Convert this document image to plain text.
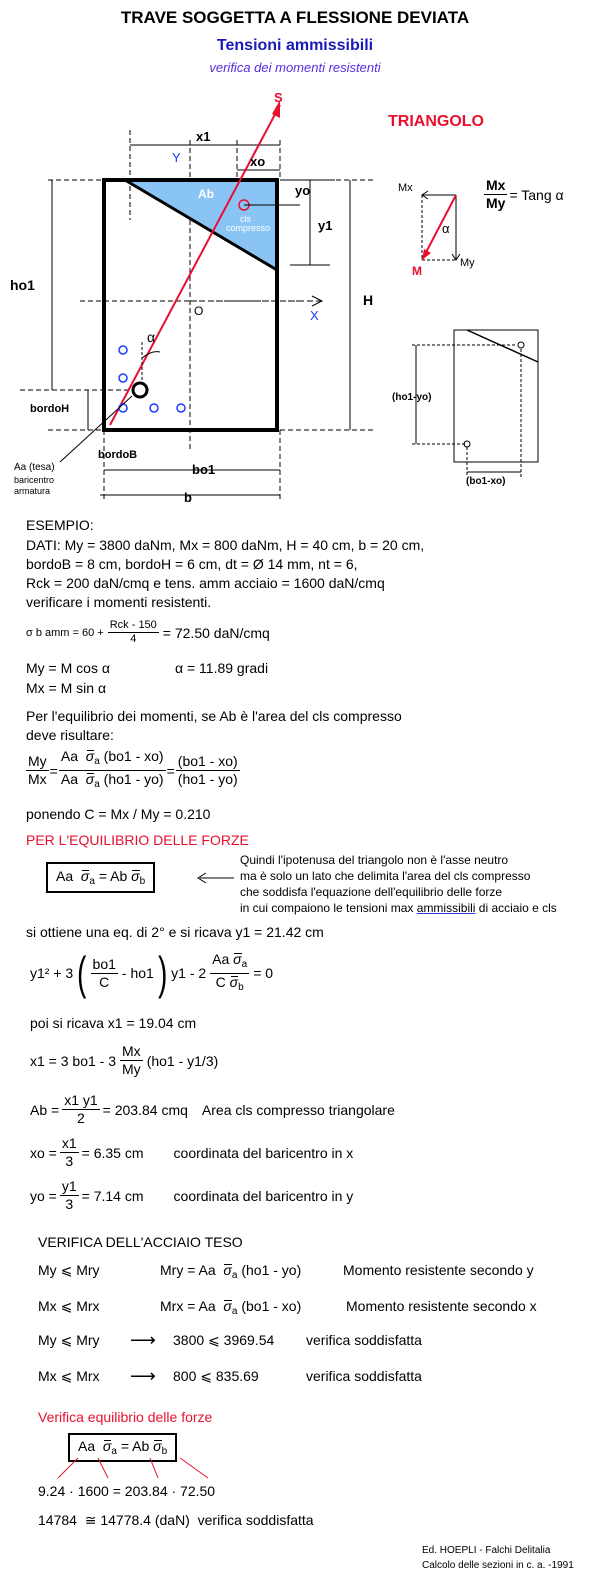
TRAVE SOGGETTA A FLESSIONE DEVIATA
Tensioni ammissibili
verifica dei momenti resistenti
S
Y
X
O
x1
xo
yo
y1
ho1
H
Ab
cls
compresso
α
bordoH
bordoB
bo1
b
Aa (tesa)
baricentro
armatura
TRIANGOLO
Mx
My
M
α
$\frac{Mx}{My}$ = Tang α
(ho1-yo)
(bo1-xo)
ESEMPIO:
DATI: My = 3800 daNm, Mx = 800 daNm, H = 40 cm, b = 20 cm,
bordoB = 8 cm, bordoH = 6 cm, dt = Ø 14 mm, nt = 6,
Rck = 200 daN/cmq e tens. amm acciaio = 1600 daN/cmq
verificare i momenti resistenti.
σ b amm = $60 + \frac{\text{Rck - 150}}{4} = 72.50$ daN/cmq
My = M cos α
Mx = M sin α
α = 11.89 gradi
Per l'equilibrio dei momenti, se Ab è l'area del cls compresso
deve risultare:
$\frac{My}{Mx} = \frac{Aa \sigma_a (bo1 - xo)}{Aa \sigma_a (ho1 - yo)} = \frac{(bo1 - xo)}{(ho1 - yo)}$
ponendo C = Mx / My = 0.210
PER L'EQUILIBRIO DELLE FORZE
Aa $\sigma_a = Ab$ $\sigma_b$
Quindi l'ipotenusa del triangolo non è l'asse neutro
ma è solo un lato che delimita l'area del cls compresso
che soddisfa l'equazione dell'equilibrio delle forze
in cui compaiono le tensioni max ammissibili di acciaio e cls
si ottiene una eq. di 2° e si ricava y1 = 21.42 cm
y1² + 3 ( $\frac{bo1}{C} - ho1$ ) $y1 - 2 \frac{Aa \sigma_a}{C \sigma_b} = 0$
poi si ricava x1 = 19.04 cm
x1 = 3 $bo1 - 3 \frac{Mx}{My} (ho1 - y1/3)$
$Ab = \frac{x1 y1}{2} = 203.84$ cmq Area cls compresso triangolare
xo = $\frac{x1}{3} = 6.35$ cm coordinata del baricentro in x
yo = $\frac{y1}{3} = 7.14$ cm coordinata del baricentro in y
VERIFICA DELL'ACCIAIO TESO
My ⩽ Mry	Mry = Aa $\sigma_a$ (ho1 - yo)	Momento resistente secondo y
Mx ⩽ Mrx	Mrx = Aa $\sigma_a$ (bo1 - xo)	Momento resistente secondo x
My ⩽ Mry ⟶ 3800 ⩽ 3969.54 verifica soddisfatta
Mx ⩽ Mrx ⟶ 800 ⩽ 835.69	verifica soddisfatta
Verifica equilibrio delle forze
Aa $\sigma_a = Ab$ $\sigma_b$
9.24 · 1600 = 203.84 · 72.50
14784 ≅ 14778.4 (daN) verifica soddisfatta
Ed. HOEPLI - Falchi Delitalia
Calcolo delle sezioni in c. a. -1991
